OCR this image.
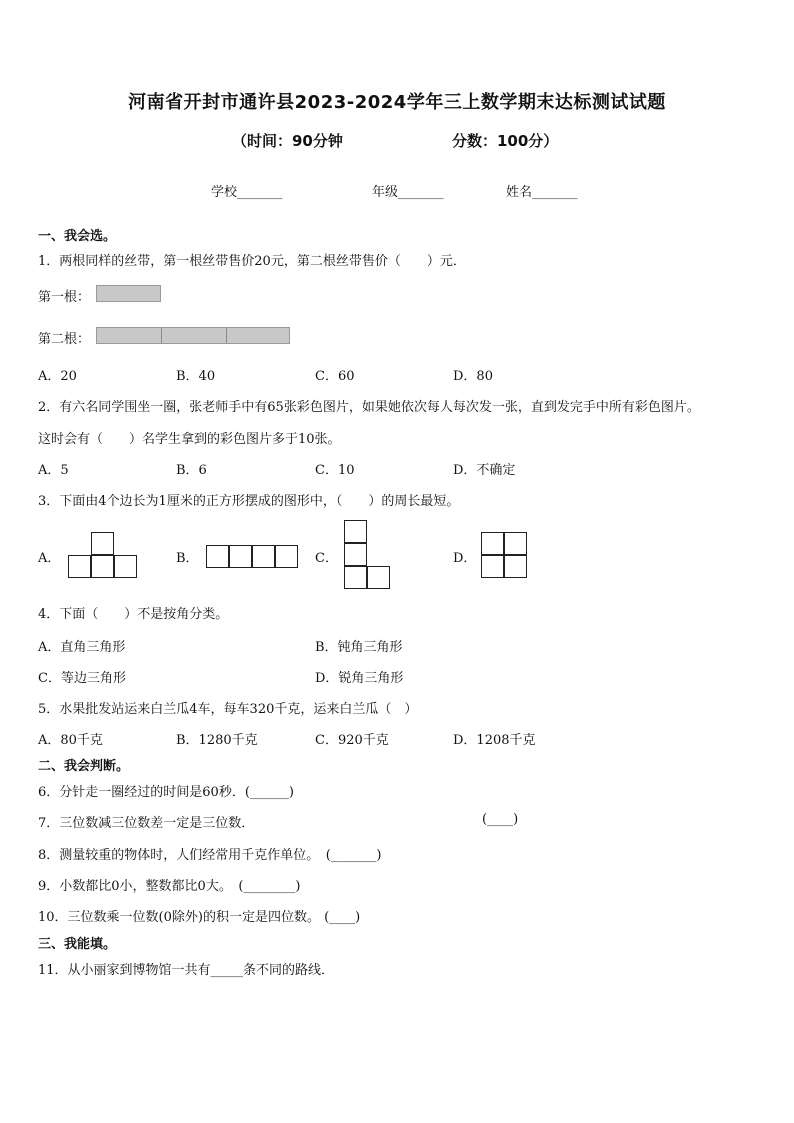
河南省开封市通许县2023-2024学年三上数学期末达标测试试题
（时间：90分钟	分数：100分）
学校_______	年级_______	姓名_______
一、我会选。
1．两根同样的丝带，第一根丝带售价20元，第二根丝带售价（　　）元．
第一根：
第二根：
A．20	B．40	C．60	D．80
2．有六名同学围坐一圈，张老师手中有65张彩色图片，如果她依次每人每次发一张，直到发完手中所有彩色图片。
这时会有（　　）名学生拿到的彩色图片多于10张。
A．5	B．6	C．10	D．不确定
3．下面由4个边长为1厘米的正方形摆成的图形中，（　　）的周长最短。
A．	B．	C．	D．
4．下面（　　）不是按角分类。
A．直角三角形	B．钝角三角形
C．等边三角形	D．锐角三角形
5．水果批发站运来白兰瓜4车，每车320千克，运来白兰瓜（　）
A．80千克	B．1280千克	C．920千克	D．1208千克
二、我会判断。
6．分针走一圈经过的时间是60秒．(______)
7．三位数减三位数差一定是三位数．	(____)
8．测量较重的物体时，人们经常用千克作单位。　(_______)
9．小数都比0小，整数都比0大。　(________)
10．三位数乘一位数(0除外)的积一定是四位数。 (____)
三、我能填。
11．从小丽家到博物馆一共有_____条不同的路线．
